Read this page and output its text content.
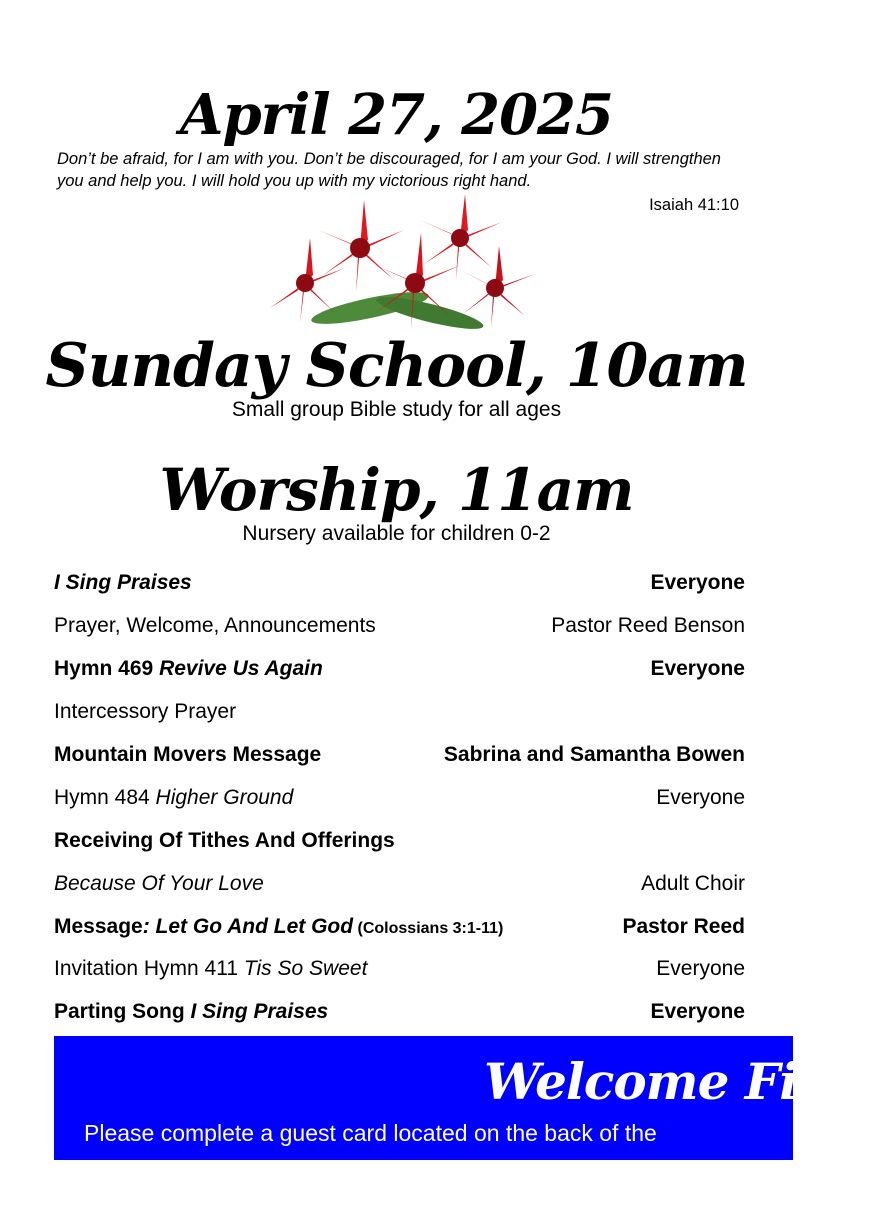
April 27, 2025

Don’t be afraid, for I am with you. Don’t be discouraged, for I am your God. I will strengthen you and help you. I will hold you up with my victorious right hand.

Isaiah 41:10

Sunday School, 10am

Small group Bible study for all ages

Worship, 11am

Nursery available for children 0-2

I Sing Praises	Everyone
Prayer, Welcome, Announcements	Pastor Reed Benson
Hymn 469 Revive Us Again	Everyone
Intercessory Prayer
Mountain Movers Message	Sabrina and Samantha Bowen
Hymn 484 Higher Ground	Everyone
Receiving Of Tithes And Offerings
Because Of Your Love	Adult Choir
Message: Let Go And Let God (Colossians 3:1-11)	Pastor Reed
Invitation Hymn 411 Tis So Sweet	Everyone
Parting Song I Sing Praises	Everyone
Welcome First
Please complete a guest card located on the back of the
